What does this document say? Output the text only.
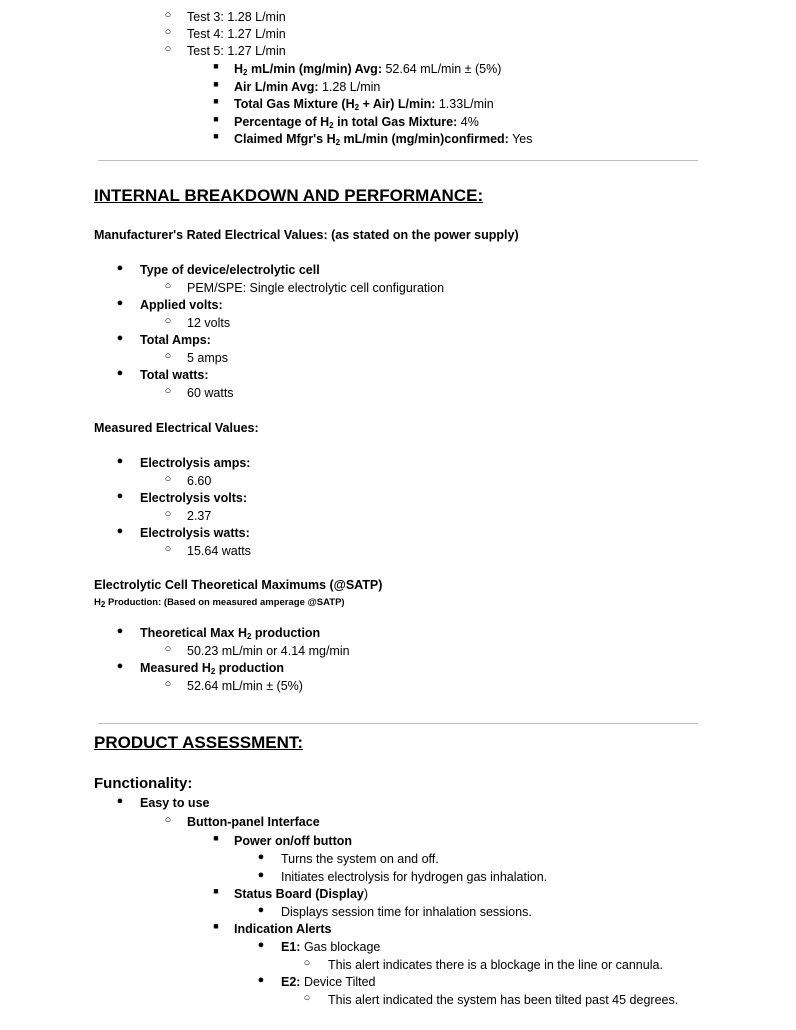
○	Test 3: 1.28 L/min
○	Test 4: 1.27 L/min
○	Test 5: 1.27 L/min
■	$H_2$ mL/min (mg/min) Avg: 52.64 mL/min ± (5%)
■	Air L/min Avg: 1.28 L/min
■	Total Gas Mixture $(H_2 + Air)$ L/min: 1.33L/min
■	Percentage of $H_2$ in total Gas Mixture: 4%
■	Claimed Mfgr's $H_2$ mL/min (mg/min)confirmed: Yes
INTERNAL BREAKDOWN AND PERFORMANCE:
Manufacturer's Rated Electrical Values: (as stated on the power supply)
●	Type of device/electrolytic cell
○	PEM/SPE: Single electrolytic cell configuration
●	Applied volts:
○	12 volts
●	Total Amps:
○	5 amps
●	Total watts:
○	60 watts
Measured Electrical Values:
●	Electrolysis amps:
○	6.60
●	Electrolysis volts:
○	2.37
●	Electrolysis watts:
○	15.64 watts
Electrolytic Cell Theoretical Maximums (@SATP)
$H_2$ Production: (Based on measured amperage @SATP)
●	Theoretical Max $H_2$ production
○	50.23 mL/min or 4.14 mg/min
●	Measured $H_2$ production
○	52.64 mL/min ± (5%)
PRODUCT ASSESSMENT:
Functionality:
●	Easy to use
○	Button-panel Interface
■	Power on/off button
●	Turns the system on and off.
●	Initiates electrolysis for hydrogen gas inhalation.
■	Status Board (Display)
●	Displays session time for inhalation sessions.
■	Indication Alerts
●	E1: Gas blockage
○	This alert indicates there is a blockage in the line or cannula.
●	E2: Device Tilted
○	This alert indicated the system has been tilted past 45 degrees.
